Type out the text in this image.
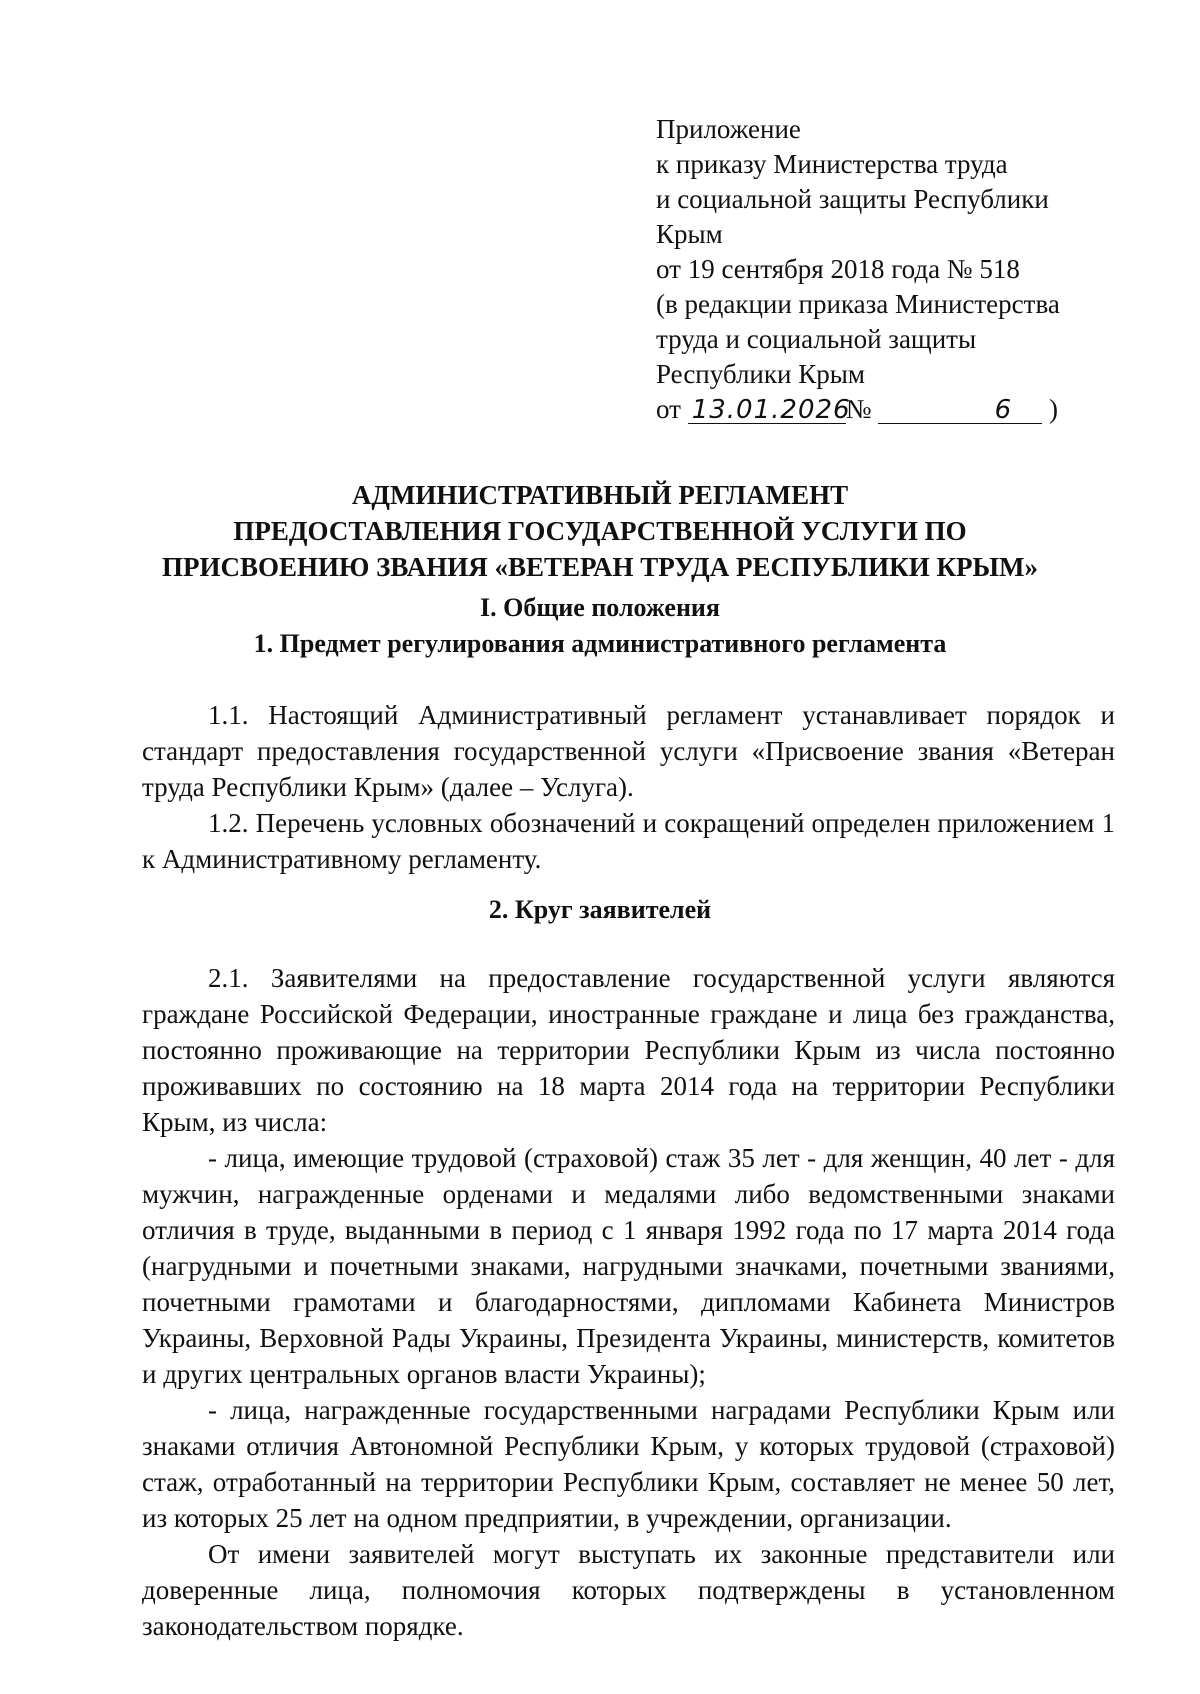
Приложение
к приказу Министерства труда
и социальной защиты Республики
Крым
от 19 сентября 2018 года № 518
(в редакции приказа Министерства
труда и социальной защиты
Республики Крым
от 13.01.2026№	6 )
АДМИНИСТРАТИВНЫЙ РЕГЛАМЕНТ
ПРЕДОСТАВЛЕНИЯ ГОСУДАРСТВЕННОЙ УСЛУГИ ПО
ПРИСВОЕНИЮ ЗВАНИЯ «ВЕТЕРАН ТРУДА РЕСПУБЛИКИ КРЫМ»
I. Общие положения
1. Предмет регулирования административного регламента

1.1. Настоящий Административный регламент устанавливает порядок и стандарт предоставления государственной услуги «Присвоение звания «Ветеран труда Республики Крым» (далее – Услуга).

1.2. Перечень условных обозначений и сокращений определен приложением 1 к Административному регламенту.

2. Круг заявителей

2.1. Заявителями на предоставление государственной услуги являются граждане Российской Федерации, иностранные граждане и лица без гражданства, постоянно проживающие на территории Республики Крым из числа постоянно проживавших по состоянию на 18 марта 2014 года на территории Республики Крым, из числа:

- лица, имеющие трудовой (страховой) стаж 35 лет - для женщин, 40 лет - для мужчин, награжденные орденами и медалями либо ведомственными знаками отличия в труде, выданными в период с 1 января 1992 года по 17 марта 2014 года (нагрудными и почетными знаками, нагрудными значками, почетными званиями, почетными грамотами и благодарностями, дипломами Кабинета Министров Украины, Верховной Рады Украины, Президента Украины, министерств, комитетов и других центральных органов власти Украины);

- лица, награжденные государственными наградами Республики Крым или знаками отличия Автономной Республики Крым, у которых трудовой (страховой) стаж, отработанный на территории Республики Крым, составляет не менее 50 лет, из которых 25 лет на одном предприятии, в учреждении, организации.

От имени заявителей могут выступать их законные представители или доверенные лица, полномочия которых подтверждены в установленном законодательством порядке.
